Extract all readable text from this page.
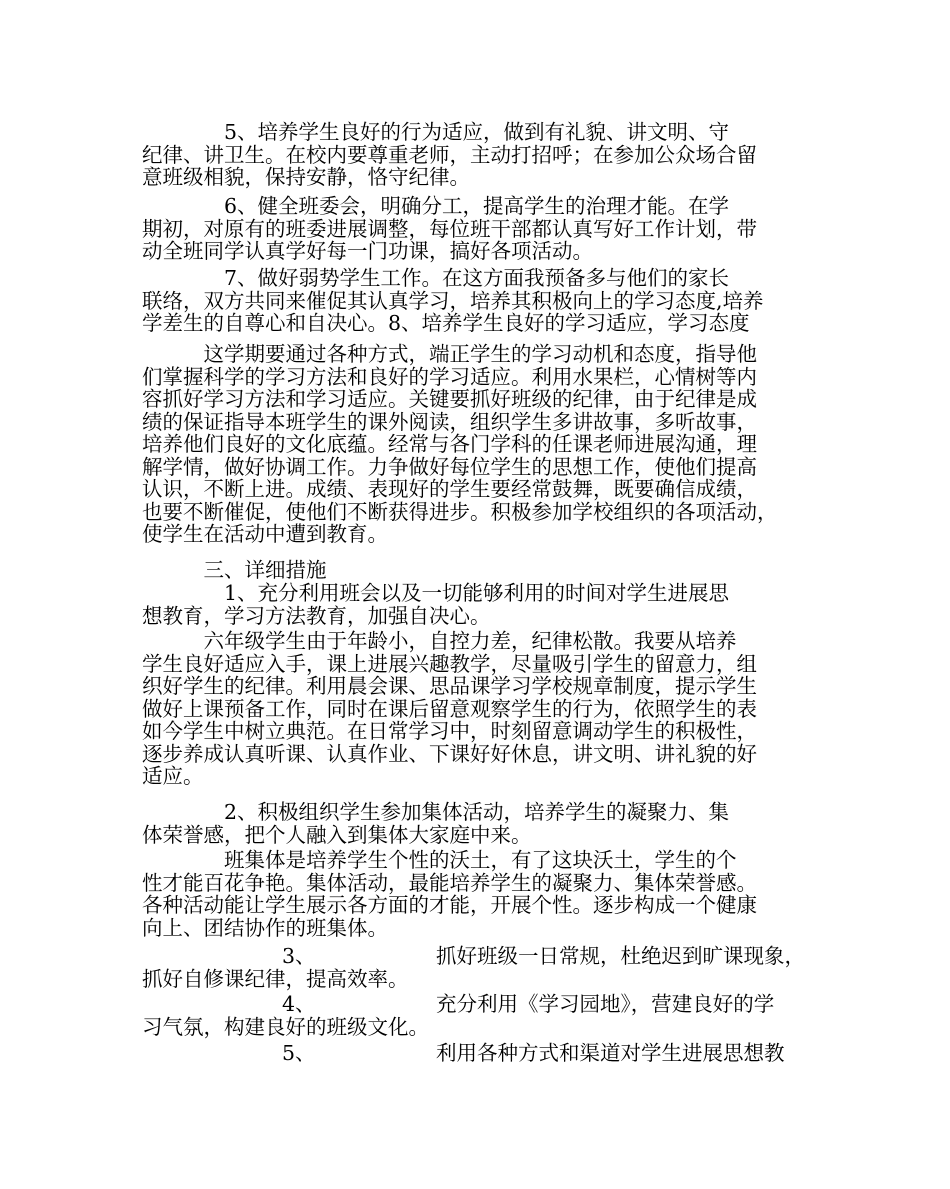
　　　　5、培养学生良好的行为适应，做到有礼貌、讲文明、守
纪律、讲卫生。在校内要尊重老师，主动打招呼；在参加公众场合留
意班级相貌，保持安静，恪守纪律。
　　　　6、健全班委会，明确分工，提高学生的治理才能。在学
期初，对原有的班委进展调整，每位班干部都认真写好工作计划，带
动全班同学认真学好每一门功课，搞好各项活动。
　　　　7、做好弱势学生工作。在这方面我预备多与他们的家长
联络，双方共同来催促其认真学习，培养其积极向上的学习态度,培养
学差生的自尊心和自决心。8、培养学生良好的学习适应，学习态度
　　　这学期要通过各种方式，端正学生的学习动机和态度，指导他
们掌握科学的学习方法和良好的学习适应。利用水果栏，心情树等内
容抓好学习方法和学习适应。关键要抓好班级的纪律，由于纪律是成
绩的保证指导本班学生的课外阅读，组织学生多讲故事，多听故事，
培养他们良好的文化底蕴。经常与各门学科的任课老师进展沟通，理
解学情，做好协调工作。力争做好每位学生的思想工作，使他们提高
认识，不断上进。成绩、表现好的学生要经常鼓舞，既要确信成绩，
也要不断催促，使他们不断获得进步。积极参加学校组织的各项活动，
使学生在活动中遭到教育。
　　　三、详细措施
　　　　1、充分利用班会以及一切能够利用的时间对学生进展思
想教育，学习方法教育，加强自决心。
　　　六年级学生由于年龄小，自控力差，纪律松散。我要从培养
学生良好适应入手，课上进展兴趣教学，尽量吸引学生的留意力，组
织好学生的纪律。利用晨会课、思品课学习学校规章制度，提示学生
做好上课预备工作，同时在课后留意观察学生的行为，依照学生的表
如今学生中树立典范。在日常学习中，时刻留意调动学生的积极性，
逐步养成认真听课、认真作业、下课好好休息，讲文明、讲礼貌的好
适应。
　　　　2、积极组织学生参加集体活动，培养学生的凝聚力、集
体荣誉感，把个人融入到集体大家庭中来。
　　　　班集体是培养学生个性的沃土，有了这块沃土，学生的个
性才能百花争艳。集体活动，最能培养学生的凝聚力、集体荣誉感。
各种活动能让学生展示各方面的才能，开展个性。逐步构成一个健康
向上、团结协作的班集体。
3、	抓好班级一日常规，杜绝迟到旷课现象，
抓好自修课纪律，提高效率。
4、	充分利用《学习园地》，营建良好的学
习气氛，构建良好的班级文化。
5、	利用各种方式和渠道对学生进展思想教
